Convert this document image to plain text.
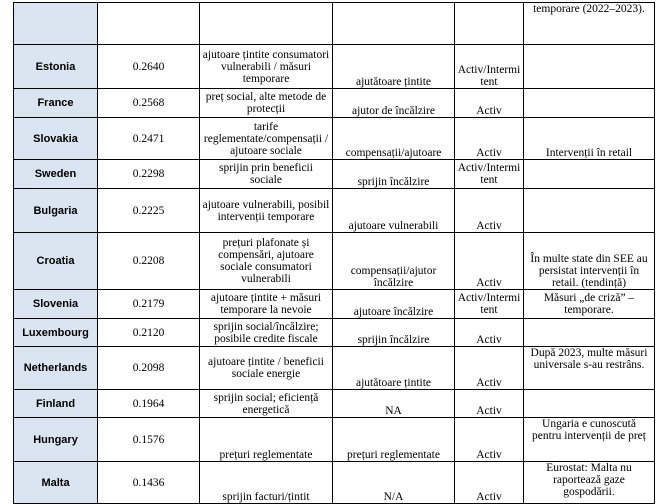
					temporare (2022–2023).
Estonia	0.2640	ajutoare țintite consumatori vulnerabili / măsuri temporare	ajutătoare țintite	Activ/Intermitent	
France	0.2568	preț social, alte metode de protecții	ajutor de încălzire	Activ	
Slovakia	0.2471	tarife reglementate/compensații / ajutoare sociale	compensații/ajutoare	Activ	Intervenții în retail
Sweden	0.2298	sprijin prin beneficii sociale	sprijin încălzire	Activ/Intermitent	
Bulgaria	0.2225	ajutoare vulnerabili, posibil intervenții temporare	ajutoare vulnerabili	Activ	
Croatia	0.2208	prețuri plafonate și compensări, ajutoare sociale consumatori vulnerabili	compensații/ajutor încălzire	Activ	În multe state din SEE au persistat intervenții în retail. (tendință)
Slovenia	0.2179	ajutoare țintite + măsuri temporare la nevoie	ajutoare încălzire	Activ/Intermitent	Măsuri „de criză” – temporare.
Luxembourg	0.2120	sprijin social/încălzire; posibile credite fiscale	sprijin încălzire	Activ	
Netherlands	0.2098	ajutoare țintite / beneficii sociale energie	ajutătoare țintite	Activ	După 2023, multe măsuri universale s-au restrâns.
Finland	0.1964	sprijin social; eficiență energetică	NA	Activ	
Hungary	0.1576	prețuri reglementate	prețuri reglementate	Activ	Ungaria e cunoscută pentru intervenții de preț
Malta	0.1436	sprijin facturi/țintit	N/A	Activ	Eurostat: Malta nu raportează gaze gospodării.
